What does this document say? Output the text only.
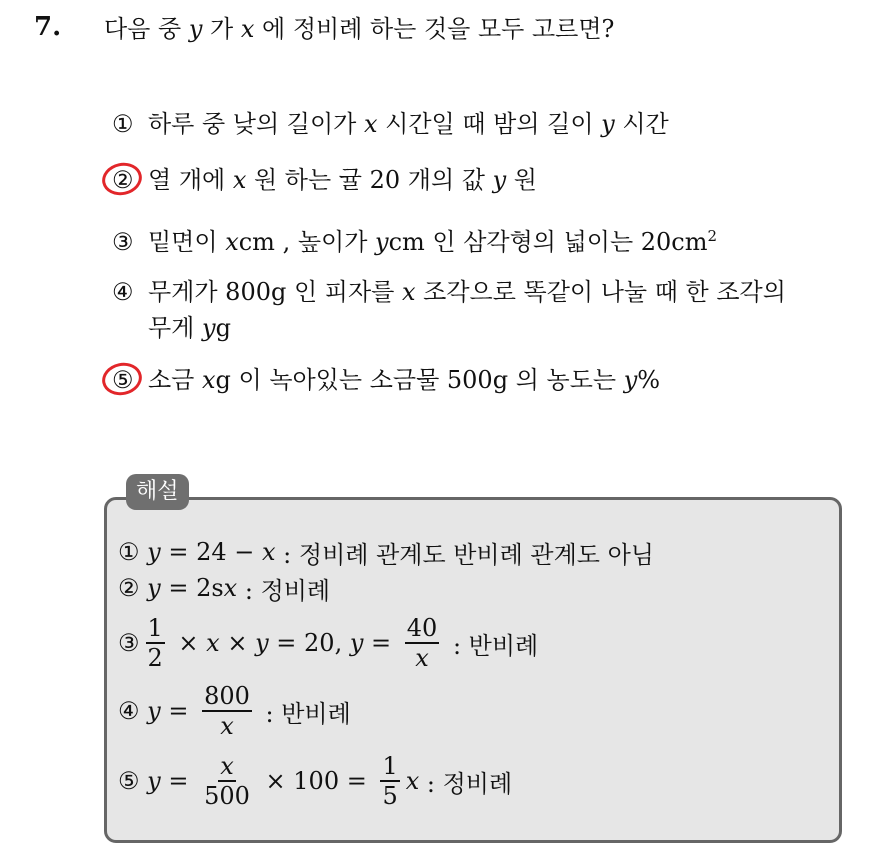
7. 다음 중 y 가 x 에 정비례 하는 것을 모두 고르면?
① 하루 중 낮의 길이가 x 시간일 때 밤의 길이 y 시간
② 열 개에 x 원 하는 귤 20 개의 값 y 원
③ 밑면이 xcm , 높이가 ycm 인 삼각형의 넓이는 $20cm^2$
④ 무게가 800g 인 피자를 x 조각으로 똑같이 나눌 때 한 조각의
무게 yg
⑤ 소금 xg 이 녹아있는 소금물 500g 의 농도는 y%
해설
①
y = 24 − x : 정비례 관계도 반비례 관계도 아님
②
y = 2s x : 정비례
③ $\frac{1}{2} \times x \times y = 20$, $y = \frac{40}{x}$ : 반비례
④
$y = \frac{800}{x}$ : 반비례
⑤
$y = \frac{x}{500} \times 100 = \frac{1}{5}$ x : 정비례
